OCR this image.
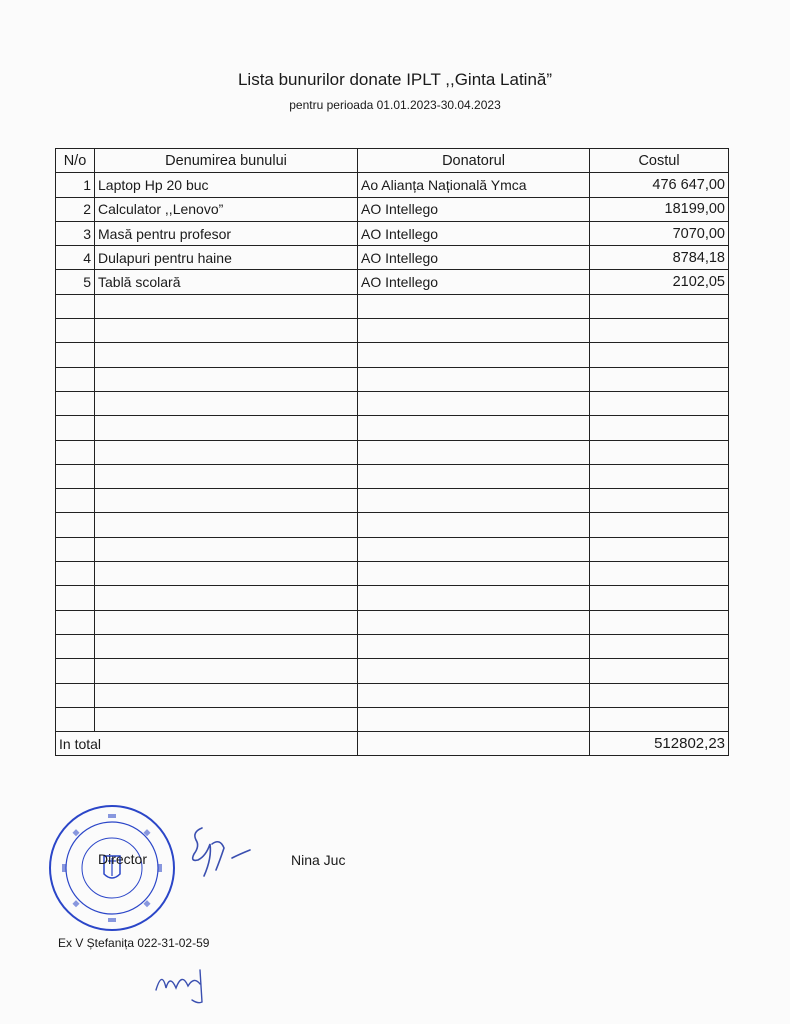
Lista bunurilor donate IPLT ,,Ginta Latină”
pentru perioada 01.01.2023-30.04.2023
N/o	Denumirea bunului	Donatorul	Costul
1	Laptop Hp 20 buc	Ao Alianța Națională Ymca	476 647,00
2	Calculator ,,Lenovo”	AO Intellego	18199,00
3	Masă pentru profesor	AO Intellego	7070,00
4	Dulapuri pentru haine	AO Intellego	8784,18
5	Tablă scolară	AO Intellego	2102,05

In total			512802,23
Director	Nina Juc
Ex V Ștefanița 022-31-02-59
